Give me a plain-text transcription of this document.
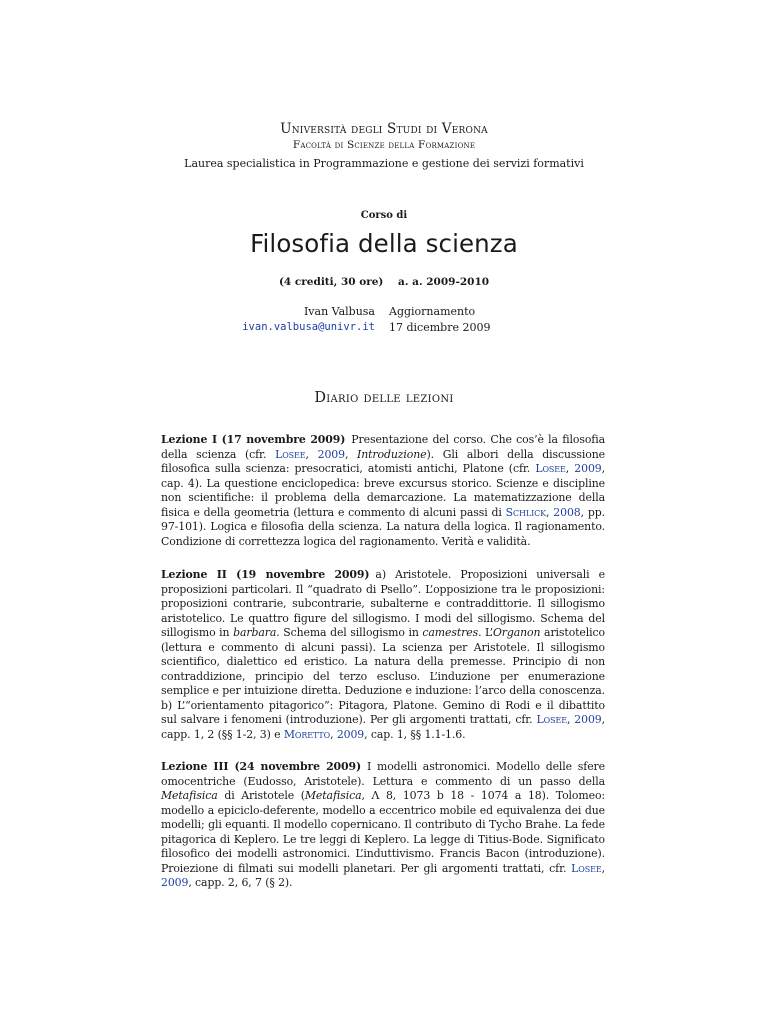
Università degli Studi di Verona
Facoltà di Scienze della Formazione
Laurea specialistica in Programmazione e gestione dei servizi formativi
Corso di
Filosofia della scienza
(4 crediti, 30 ore)    a. a. 2009-2010
Ivan Valbusa
ivan.valbusa@univr.it
Aggiornamento
17 dicembre 2009
Diario delle lezioni
Lezione I (17 novembre 2009) Presentazione del corso. Che cos’è la filosofia della scienza (cfr. Losee, 2009, Introduzione). Gli albori della discussione filosofica sulla scienza: presocratici, atomisti antichi, Platone (cfr. Losee, 2009, cap. 4). La questione enciclopedica: breve excursus storico. Scienze e discipline non scientifiche: il problema della demarcazione. La matematizzazione della fisica e della geometria (lettura e commento di alcuni passi di Schlick, 2008, pp. 97-101). Logica e filosofia della scienza. La natura della logica. Il ragionamento. Condizione di correttezza logica del ragionamento. Verità e validità.
Lezione II (19 novembre 2009) a) Aristotele. Proposizioni universali e proposizioni particolari. Il “quadrato di Psello”. L’opposizione tra le proposizioni: proposizioni contrarie, subcontrarie, subalterne e contraddittorie. Il sillogismo aristotelico. Le quattro figure del sillogismo. I modi del sillogismo. Schema del sillogismo in barbara. Schema del sillogismo in camestres. L’Organon aristotelico (lettura e commento di alcuni passi). La scienza per Aristotele. Il sillogismo scientifico, dialettico ed eristico. La natura della premesse. Principio di non contraddizione, principio del terzo escluso. L’induzione per enumerazione semplice e per intuizione diretta. Deduzione e induzione: l’arco della conoscenza. b) L’“orientamento pitagorico”: Pitagora, Platone. Gemino di Rodi e il dibattito sul salvare i fenomeni (introduzione). Per gli argomenti trattati, cfr. Losee, 2009, capp. 1, 2 (§§ 1-2, 3) e Moretto, 2009, cap. 1, §§ 1.1-1.6.
Lezione III (24 novembre 2009) I modelli astronomici. Modello delle sfere omocentriche (Eudosso, Aristotele). Lettura e commento di un passo della Metafisica di Aristotele (Metafisica, Λ 8, 1073 b 18 - 1074 a 18). Tolomeo: modello a epiciclo-deferente, modello a eccentrico mobile ed equivalenza dei due modelli; gli equanti. Il modello copernicano. Il contributo di Tycho Brahe. La fede pitagorica di Keplero. Le tre leggi di Keplero. La legge di Titius-Bode. Significato filosofico dei modelli astronomici. L’induttivismo. Francis Bacon (introduzione). Proiezione di filmati sui modelli planetari. Per gli argomenti trattati, cfr. Losee, 2009, capp. 2, 6, 7 (§ 2).
